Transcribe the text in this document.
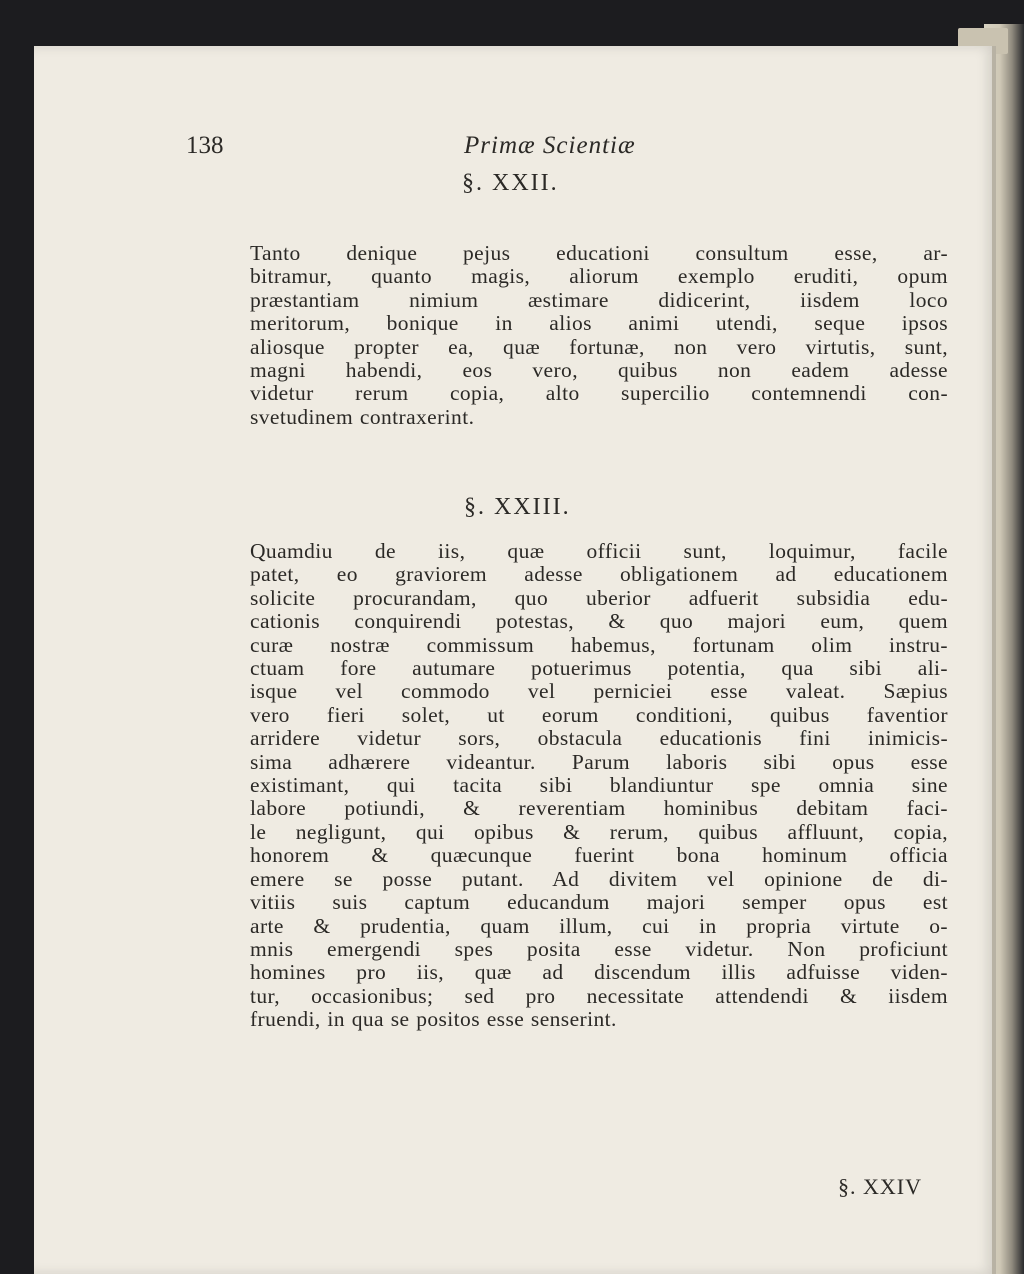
138	Primæ Scientiæ
§. XXII.
Tanto denique pejus educationi consultum esse, ar-
bitramur, quanto magis, aliorum exemplo eruditi, opum
præstantiam nimium æstimare didicerint, iisdem loco
meritorum, bonique in alios animi utendi, seque ipsos
aliosque propter ea, quæ fortunæ, non vero virtutis, sunt,
magni habendi, eos vero, quibus non eadem adesse
videtur rerum copia, alto supercilio contemnendi con-
svetudinem contraxerint.
§. XXIII.
Quamdiu de iis, quæ officii sunt, loquimur, facile
patet, eo graviorem adesse obligationem ad educationem
solicite procurandam, quo uberior adfuerit subsidia edu-
cationis conquirendi potestas, & quo majori eum, quem
curæ nostræ commissum habemus, fortunam olim instru-
ctuam fore autumare potuerimus potentia, qua sibi ali-
isque vel commodo vel perniciei esse valeat. Sæpius
vero fieri solet, ut eorum conditioni, quibus faventior
arridere videtur sors, obstacula educationis fini inimicis-
sima adhærere videantur. Parum laboris sibi opus esse
existimant, qui tacita sibi blandiuntur spe omnia sine
labore potiundi, & reverentiam hominibus debitam faci-
le negligunt, qui opibus & rerum, quibus affluunt, copia,
honorem & quæcunque fuerint bona hominum officia
emere se posse putant. Ad divitem vel opinione de di-
vitiis suis captum educandum majori semper opus est
arte & prudentia, quam illum, cui in propria virtute o-
mnis emergendi spes posita esse videtur. Non proficiunt
homines pro iis, quæ ad discendum illis adfuisse viden-
tur, occasionibus; sed pro necessitate attendendi & iisdem
fruendi, in qua se positos esse senserint.
§. XXIV
